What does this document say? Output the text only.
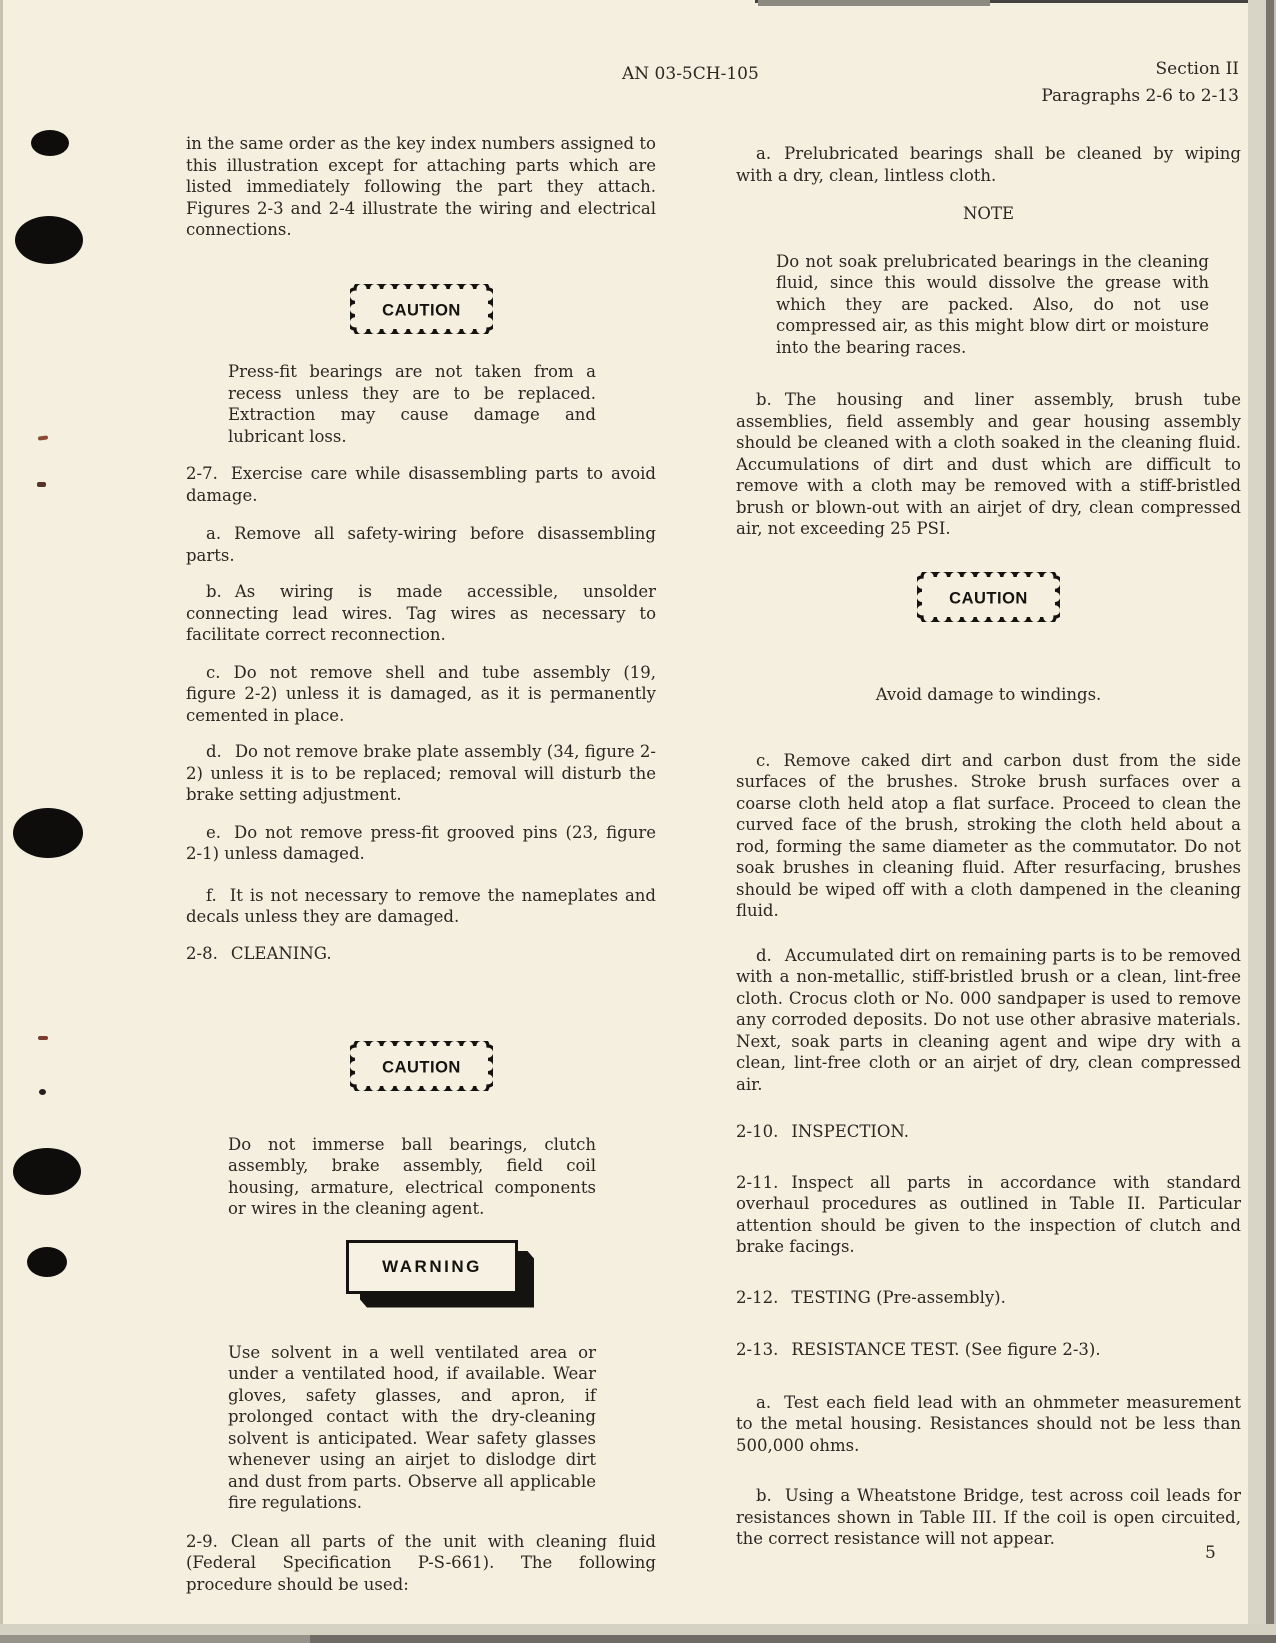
AN 03-5CH-105	Section II
Paragraphs 2-6 to 2-13

in the same order as the key index numbers assigned to this illustration except for attaching parts which are listed immediately following the part they attach. Figures 2-3 and 2-4 illustrate the wiring and electrical connections.

CAUTION

Press-fit bearings are not taken from a recess unless they are to be replaced. Extraction may cause damage and lubricant loss.

2-7. Exercise care while disassembling parts to avoid damage.

a. Remove all safety-wiring before disassembling parts.

b. As wiring is made accessible, unsolder connecting lead wires. Tag wires as necessary to facilitate correct reconnection.

c. Do not remove shell and tube assembly (19, figure 2-2) unless it is damaged, as it is permanently cemented in place.

d. Do not remove brake plate assembly (34, figure 2-2) unless it is to be replaced; removal will disturb the brake setting adjustment.

e. Do not remove press-fit grooved pins (23, figure 2-1) unless damaged.

f. It is not necessary to remove the nameplates and decals unless they are damaged.

2-8. CLEANING.

CAUTION

Do not immerse ball bearings, clutch assembly, brake assembly, field coil housing, armature, electrical components or wires in the cleaning agent.

WARNING

Use solvent in a well ventilated area or under a ventilated hood, if available. Wear gloves, safety glasses, and apron, if prolonged contact with the dry-cleaning solvent is anticipated. Wear safety glasses whenever using an airjet to dislodge dirt and dust from parts. Observe all applicable fire regulations.

2-9. Clean all parts of the unit with cleaning fluid (Federal Specification P-S-661). The following procedure should be used:

a. Prelubricated bearings shall be cleaned by wiping with a dry, clean, lintless cloth.

NOTE

Do not soak prelubricated bearings in the cleaning fluid, since this would dissolve the grease with which they are packed. Also, do not use compressed air, as this might blow dirt or moisture into the bearing races.

b. The housing and liner assembly, brush tube assemblies, field assembly and gear housing assembly should be cleaned with a cloth soaked in the cleaning fluid. Accumulations of dirt and dust which are difficult to remove with a cloth may be removed with a stiff-bristled brush or blown-out with an airjet of dry, clean compressed air, not exceeding 25 PSI.

CAUTION

Avoid damage to windings.

c. Remove caked dirt and carbon dust from the side surfaces of the brushes. Stroke brush surfaces over a coarse cloth held atop a flat surface. Proceed to clean the curved face of the brush, stroking the cloth held about a rod, forming the same diameter as the commutator. Do not soak brushes in cleaning fluid. After resurfacing, brushes should be wiped off with a cloth dampened in the cleaning fluid.

d. Accumulated dirt on remaining parts is to be removed with a non-metallic, stiff-bristled brush or a clean, lint-free cloth. Crocus cloth or No. 000 sandpaper is used to remove any corroded deposits. Do not use other abrasive materials. Next, soak parts in cleaning agent and wipe dry with a clean, lint-free cloth or an airjet of dry, clean compressed air.

2-10. INSPECTION.

2-11. Inspect all parts in accordance with standard overhaul procedures as outlined in Table II. Particular attention should be given to the inspection of clutch and brake facings.

2-12. TESTING (Pre-assembly).

2-13. RESISTANCE TEST. (See figure 2-3).

a. Test each field lead with an ohmmeter measurement to the metal housing. Resistances should not be less than 500,000 ohms.

b. Using a Wheatstone Bridge, test across coil leads for resistances shown in Table III. If the coil is open circuited, the correct resistance will not appear.

5
